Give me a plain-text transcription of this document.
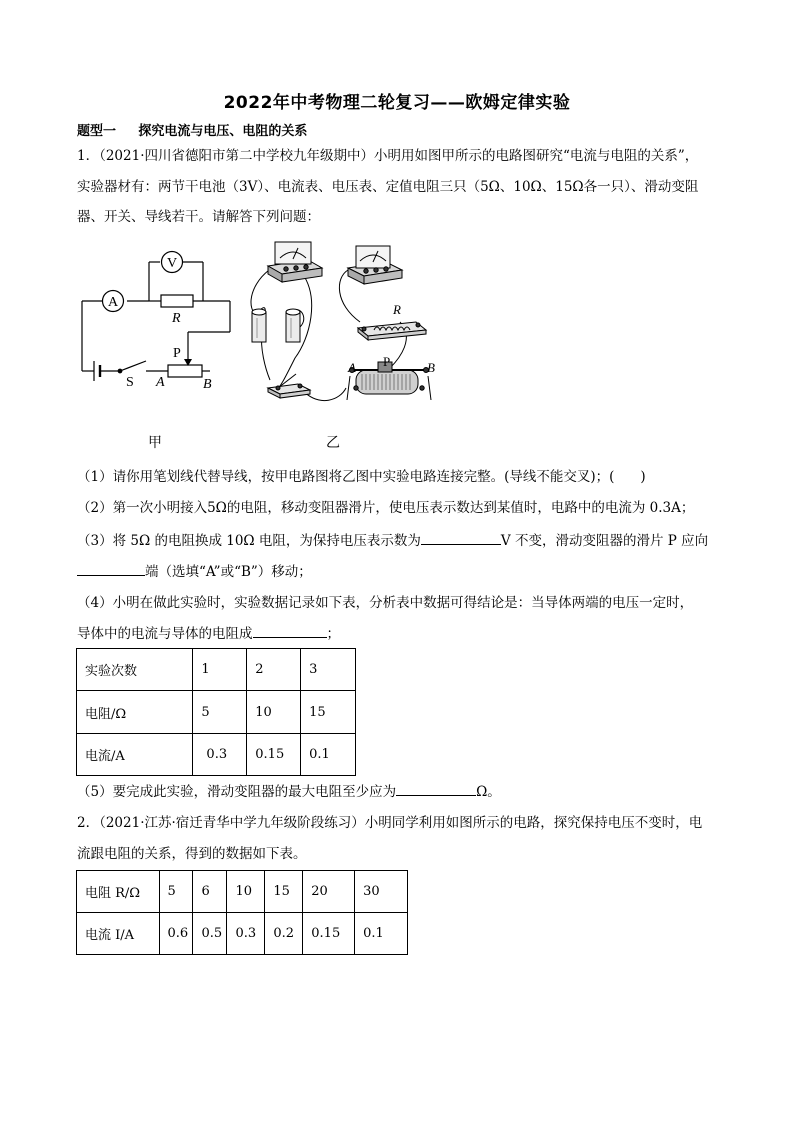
2022年中考物理二轮复习——欧姆定律实验
题型一 探究电流与电压、电阻的关系
1．（2021·四川省德阳市第二中学校九年级期中）小明用如图甲所示的电路图研究“电流与电阻的关系”，
实验器材有：两节干电池（3V）、电流表、电压表、定值电阻三只（5Ω、10Ω、15Ω各一只）、滑动变阻
器、开关、导线若干。请解答下列问题：
V
A
R
P
S A	B
R
A P	B
甲	乙
（1）请你用笔划线代替导线，按甲电路图将乙图中实验电路连接完整。(导线不能交叉)；( )
（2）第一次小明接入5Ω的电阻，移动变阻器滑片，使电压表示数达到某值时，电路中的电流为 0.3A；
（3）将 5Ω 的电阻换成 10Ω 电阻，为保持电压表示数为	V 不变，滑动变阻器的滑片 P 应向
端（选填“A”或“B”）移动；
（4）小明在做此实验时，实验数据记录如下表，分析表中数据可得结论是：当导体两端的电压一定时，
导体中的电流与导体的电阻成	；
实验次数	1	2	3
电阻/Ω	5	10	15
电流/A	0.3	0.15	0.1
（5）要完成此实验，滑动变阻器的最大电阻至少应为	Ω。
2．（2021·江苏·宿迁青华中学九年级阶段练习）小明同学利用如图所示的电路，探究保持电压不变时，电
流跟电阻的关系，得到的数据如下表。
电阻 R/Ω	5	6	10	15	20	30
电流 I/A	0.6	0.5	0.3	0.2	0.15	0.1
